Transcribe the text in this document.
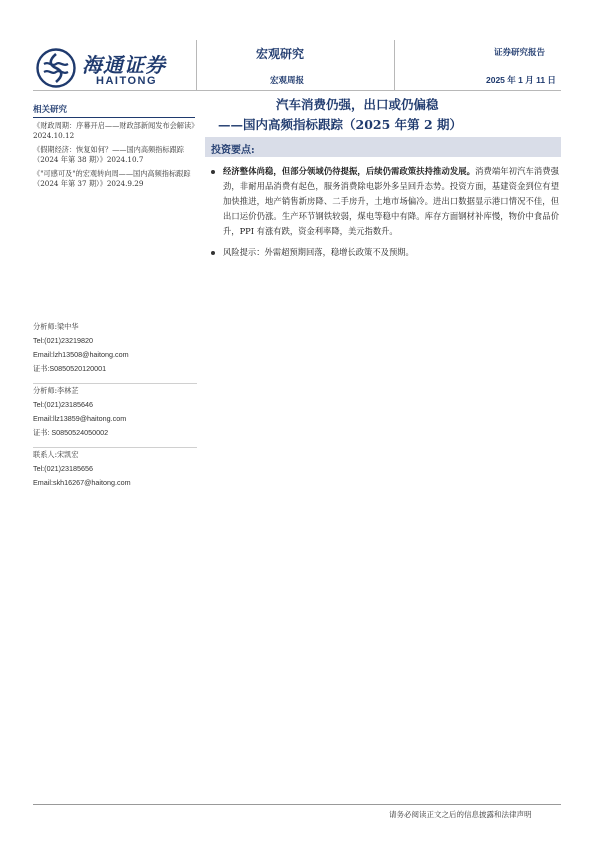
海通证券
HAITONG
宏观研究
宏观周报
证券研究报告
2025 年 1 月 11 日
汽车消费仍强，出口或仍偏稳
——国内高频指标跟踪（2025 年第 2 期）
相关研究
《财政周期：序幕开启——财政部新闻发布会解读》2024.10.12
《假期经济：恢复如何？——国内高频指标跟踪（2024 年第 38 期）》2024.10.7
《"可感可及"的宏观转向周——国内高频指标跟踪（2024 年第 37 期）》2024.9.29
分析师:梁中华
Tel:(021)23219820
Email:lzh13508@haitong.com
证书:S0850520120001
分析师:李林芷
Tel:(021)23185646
Email:llz13859@haitong.com
证书: S0850524050002
联系人:宋凯宏
Tel:(021)23185656
Email:skh16267@haitong.com
投资要点:
经济整体尚稳，但部分领域仍待提振，后续仍需政策扶持推动发展。消费端年初汽车消费强劲，非耐用品消费有起色，服务消费除电影外多呈回升态势。投资方面，基建资金到位有望加快推进，地产销售新房降、二手房升，土地市场偏冷。进出口数据显示港口情况不佳，但出口运价仍涨。生产环节钢铁较弱，煤电等稳中有降。库存方面钢材补库慢，物价中食品价升，PPI 有涨有跌，资金利率降，美元指数升。
风险提示：外需超预期回落，稳增长政策不及预期。
请务必阅读正文之后的信息披露和法律声明
